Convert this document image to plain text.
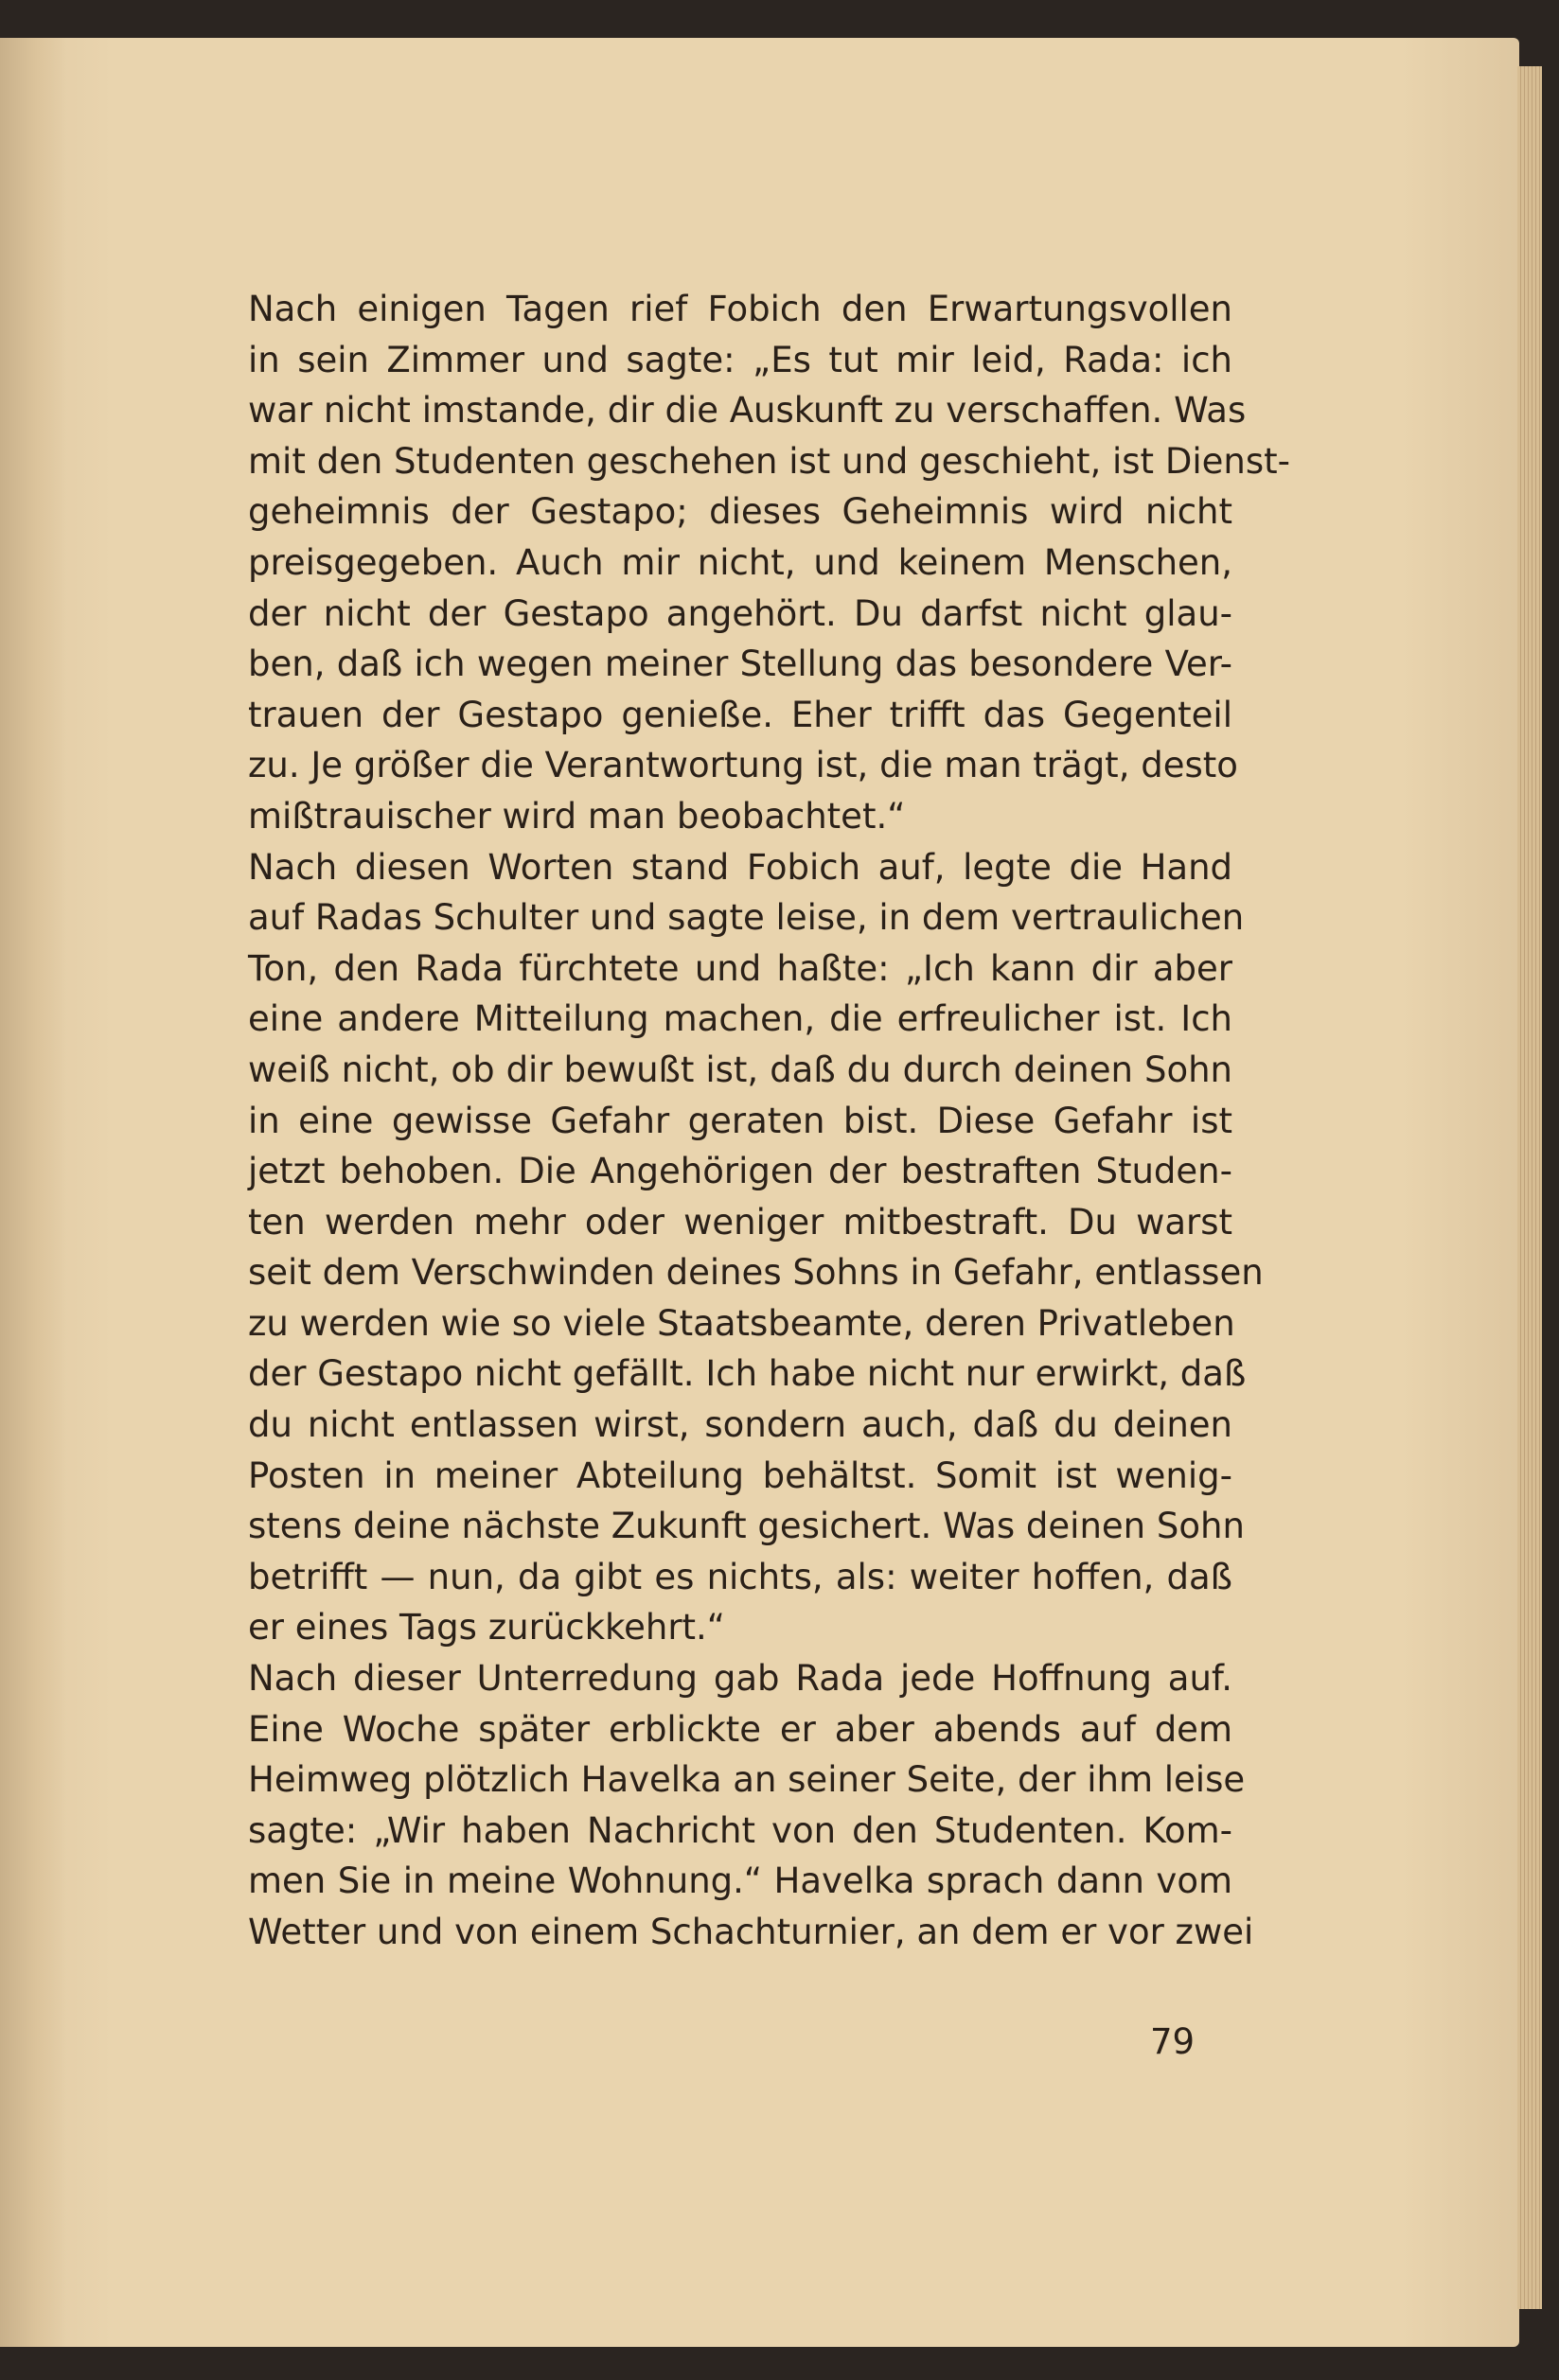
Nach einigen Tagen rief Fobich den Erwartungsvollen
in sein Zimmer und sagte: „Es tut mir leid, Rada: ich
war nicht imstande, dir die Auskunft zu verschaffen. Was
mit den Studenten geschehen ist und geschieht, ist Dienst-
geheimnis der Gestapo; dieses Geheimnis wird nicht
preisgegeben. Auch mir nicht, und keinem Menschen,
der nicht der Gestapo angehört. Du darfst nicht glau-
ben, daß ich wegen meiner Stellung das besondere Ver-
trauen der Gestapo genieße. Eher trifft das Gegenteil
zu. Je größer die Verantwortung ist, die man trägt, desto
mißtrauischer wird man beobachtet.“
Nach diesen Worten stand Fobich auf, legte die Hand
auf Radas Schulter und sagte leise, in dem vertraulichen
Ton, den Rada fürchtete und haßte: „Ich kann dir aber
eine andere Mitteilung machen, die erfreulicher ist. Ich
weiß nicht, ob dir bewußt ist, daß du durch deinen Sohn
in eine gewisse Gefahr geraten bist. Diese Gefahr ist
jetzt behoben. Die Angehörigen der bestraften Studen-
ten werden mehr oder weniger mitbestraft. Du warst
seit dem Verschwinden deines Sohns in Gefahr, entlassen
zu werden wie so viele Staatsbeamte, deren Privatleben
der Gestapo nicht gefällt. Ich habe nicht nur erwirkt, daß
du nicht entlassen wirst, sondern auch, daß du deinen
Posten in meiner Abteilung behältst. Somit ist wenig-
stens deine nächste Zukunft gesichert. Was deinen Sohn
betrifft — nun, da gibt es nichts, als: weiter hoffen, daß
er eines Tags zurückkehrt.“
Nach dieser Unterredung gab Rada jede Hoffnung auf.
Eine Woche später erblickte er aber abends auf dem
Heimweg plötzlich Havelka an seiner Seite, der ihm leise
sagte: „Wir haben Nachricht von den Studenten. Kom-
men Sie in meine Wohnung.“ Havelka sprach dann vom
Wetter und von einem Schachturnier, an dem er vor zwei
79
